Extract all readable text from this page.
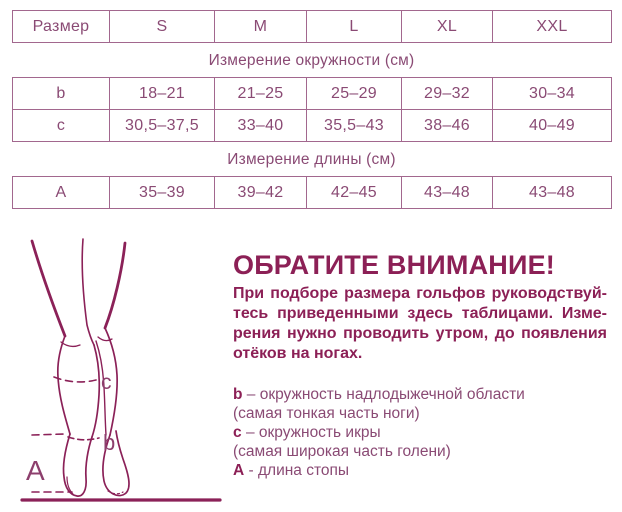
Размер	S	M	L	XL	XXL
Измерение окружности (см)
b	18–21	21–25	25–29	29–32	30–34
c	30,5–37,5	33–40	35,5–43	38–46	40–49
Измерение длины (см)
A	35–39	39–42	42–45	43–48	43–48
c
b
A
ОБРАТИТЕ ВНИМАНИЕ!
При подборе размера гольфов руководствуй-
тесь приведенными здесь таблицами. Изме-
рения нужно проводить утром, до появления
отёков на ногах.
b – окружность надлодыжечной области
(самая тонкая часть ноги)
c – окружность икры
(самая широкая часть голени)
A - длина стопы
